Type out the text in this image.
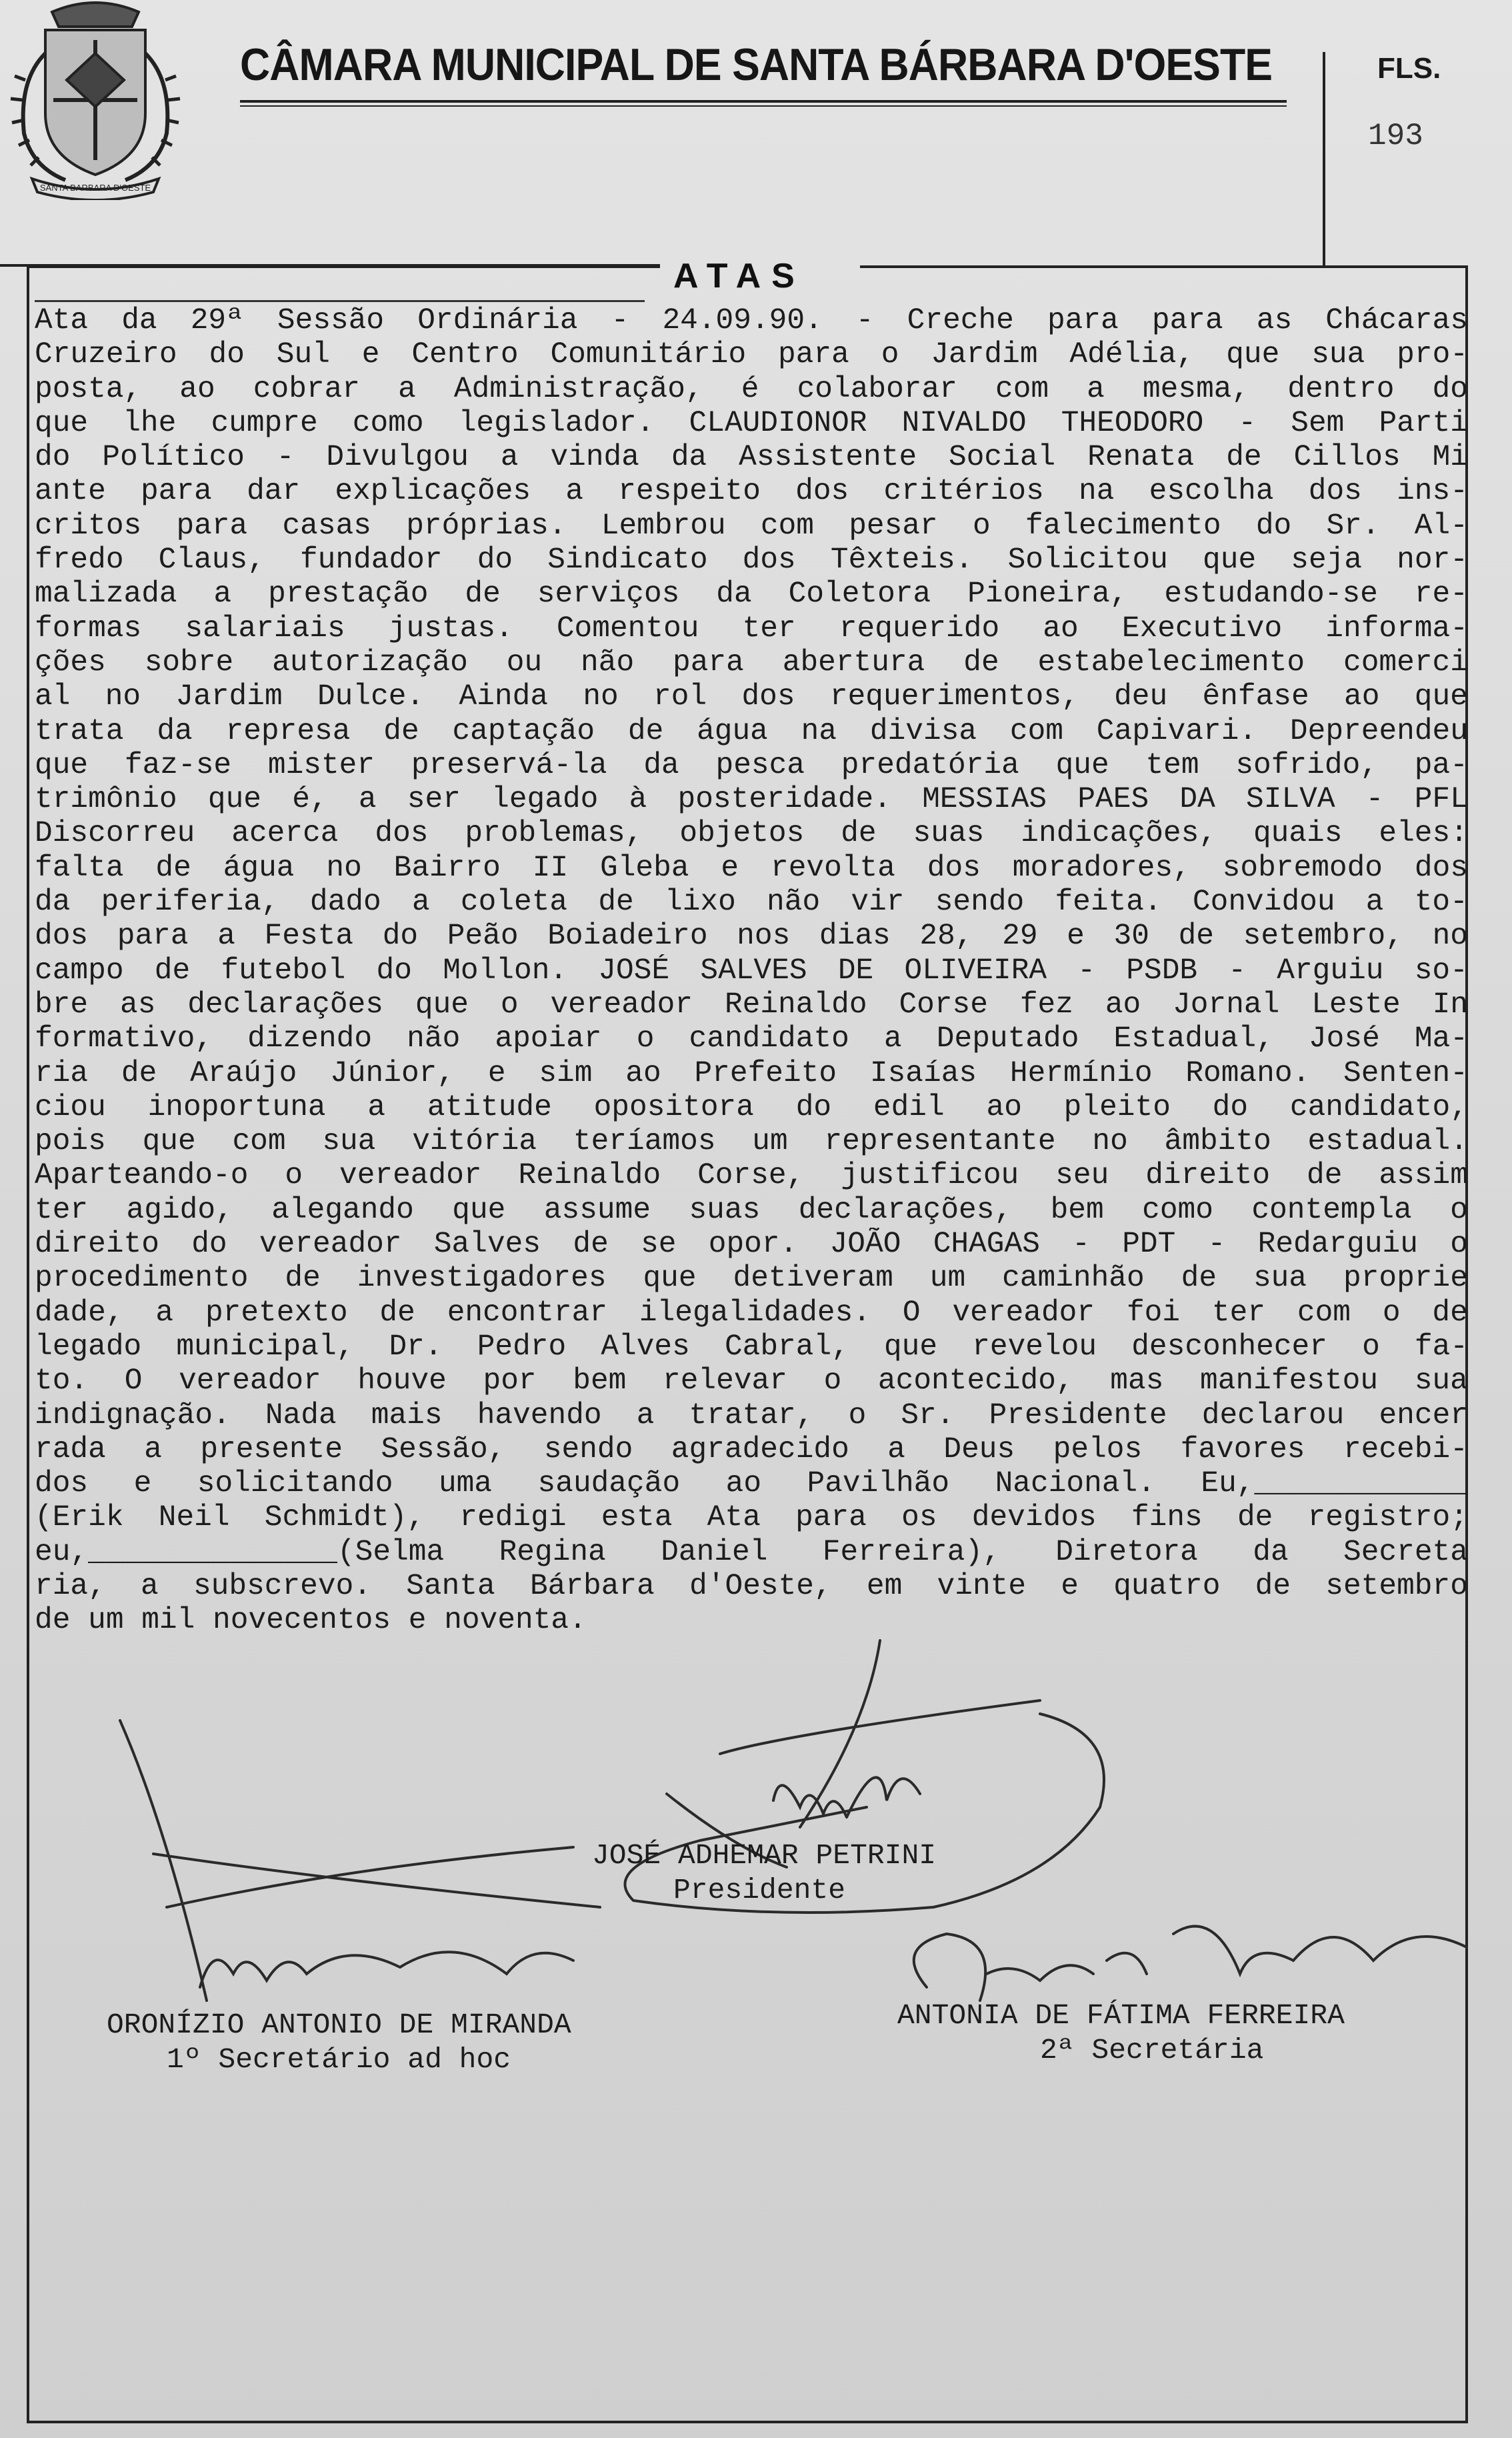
SANTA BARBARA D'OESTE
CÂMARA MUNICIPAL DE SANTA BÁRBARA D'OESTE	FLS.
193
ATAS
Ata da 29ª Sessão Ordinária - 24.09.90. - Creche para para as Chácaras
Cruzeiro do Sul e Centro Comunitário para o Jardim Adélia, que sua pro-
posta, ao cobrar a Administração, é colaborar com a mesma, dentro do
que lhe cumpre como legislador. CLAUDIONOR NIVALDO THEODORO - Sem Parti
do Político - Divulgou a vinda da Assistente Social Renata de Cillos Mi
ante para dar explicações a respeito dos critérios na escolha dos ins-
critos para casas próprias. Lembrou com pesar o falecimento do Sr. Al-
fredo Claus, fundador do Sindicato dos Têxteis. Solicitou que seja nor-
malizada a prestação de serviços da Coletora Pioneira, estudando-se re-
formas salariais justas. Comentou ter requerido ao Executivo informa-
ções sobre autorização ou não para abertura de estabelecimento comerci
al no Jardim Dulce. Ainda no rol dos requerimentos, deu ênfase ao que
trata da represa de captação de água na divisa com Capivari. Depreendeu
que faz-se mister preservá-la da pesca predatória que tem sofrido, pa-
trimônio que é, a ser legado à posteridade. MESSIAS PAES DA SILVA - PFL
Discorreu acerca dos problemas, objetos de suas indicações, quais eles:
falta de água no Bairro II Gleba e revolta dos moradores, sobremodo dos
da periferia, dado a coleta de lixo não vir sendo feita. Convidou a to-
dos para a Festa do Peão Boiadeiro nos dias 28, 29 e 30 de setembro, no
campo de futebol do Mollon. JOSÉ SALVES DE OLIVEIRA - PSDB - Arguiu so-
bre as declarações que o vereador Reinaldo Corse fez ao Jornal Leste In
formativo, dizendo não apoiar o candidato a Deputado Estadual, José Ma-
ria de Araújo Júnior, e sim ao Prefeito Isaías Hermínio Romano. Senten-
ciou inoportuna a atitude opositora do edil ao pleito do candidato,
pois que com sua vitória teríamos um representante no âmbito estadual.
Aparteando-o o vereador Reinaldo Corse, justificou seu direito de assim
ter agido, alegando que assume suas declarações, bem como contempla o
direito do vereador Salves de se opor. JOÃO CHAGAS - PDT - Redarguiu o
procedimento de investigadores que detiveram um caminhão de sua proprie
dade, a pretexto de encontrar ilegalidades. O vereador foi ter com o de
legado municipal, Dr. Pedro Alves Cabral, que revelou desconhecer o fa-
to. O vereador houve por bem relevar o acontecido, mas manifestou sua
indignação. Nada mais havendo a tratar, o Sr. Presidente declarou encer
rada a presente Sessão, sendo agradecido a Deus pelos favores recebi-
dos e solicitando uma saudação ao Pavilhão Nacional. Eu,____________
(Erik Neil Schmidt), redigi esta Ata para os devidos fins de registro;
eu,______________(Selma Regina Daniel Ferreira), Diretora da Secreta
ria, a subscrevo. Santa Bárbara d'Oeste, em vinte e quatro de setembro
de um mil novecentos e noventa.
JOSÉ ADHEMAR PETRINI
Presidente
ORONÍZIO ANTONIO DE MIRANDA
1º Secretário ad hoc
ANTONIA DE FÁTIMA FERREIRA
2ª Secretária
